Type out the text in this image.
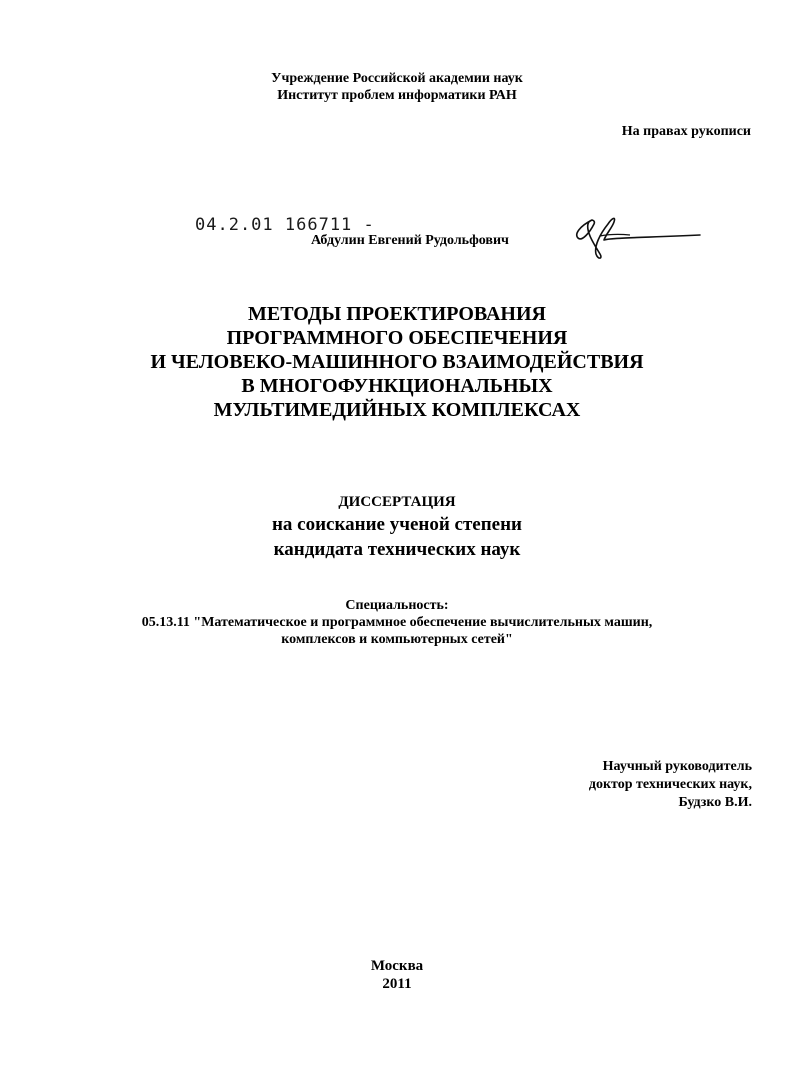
Учреждение Российской академии наук
Институт проблем информатики РАН
На правах рукописи
04.2.01 166711 -
Абдулин Евгений Рудольфович
МЕТОДЫ ПРОЕКТИРОВАНИЯ
ПРОГРАММНОГО ОБЕСПЕЧЕНИЯ
И ЧЕЛОВЕКО-МАШИННОГО ВЗАИМОДЕЙСТВИЯ
В МНОГОФУНКЦИОНАЛЬНЫХ
МУЛЬТИМЕДИЙНЫХ КОМПЛЕКСАХ
ДИССЕРТАЦИЯ
на соискание ученой степени
кандидата технических наук
Специальность:
05.13.11 "Математическое и программное обеспечение вычислительных машин,
комплексов и компьютерных сетей"
Научный руководитель
доктор технических наук,
Будзко В.И.
Москва
2011
